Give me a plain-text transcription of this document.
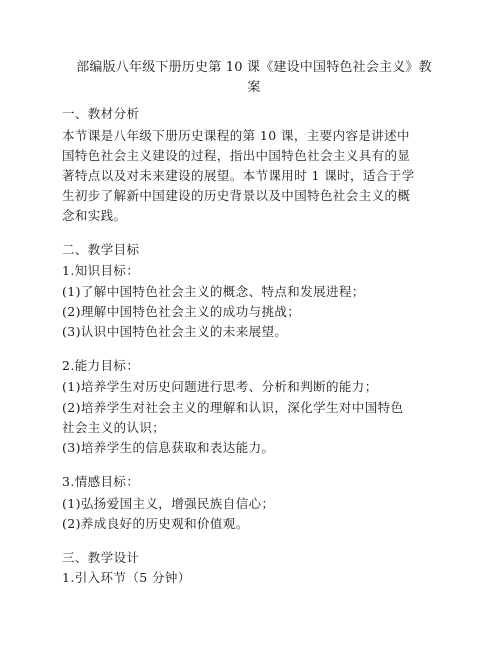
部编版八年级下册历史第 10 课《建设中国特色社会主义》教案
一、教材分析
本节课是八年级下册历史课程的第 10 课，主要内容是讲述中
国特色社会主义建设的过程，指出中国特色社会主义具有的显
著特点以及对未来建设的展望。本节课用时 1 课时，适合于学
生初步了解新中国建设的历史背景以及中国特色社会主义的概
念和实践。
二、教学目标
1.知识目标：
(1)了解中国特色社会主义的概念、特点和发展进程；
(2)理解中国特色社会主义的成功与挑战；
(3)认识中国特色社会主义的未来展望。
2.能力目标：
(1)培养学生对历史问题进行思考、分析和判断的能力；
(2)培养学生对社会主义的理解和认识，深化学生对中国特色
社会主义的认识；
(3)培养学生的信息获取和表达能力。
3.情感目标：
(1)弘扬爱国主义，增强民族自信心；
(2)养成良好的历史观和价值观。
三、教学设计
1.引入环节（5 分钟）
